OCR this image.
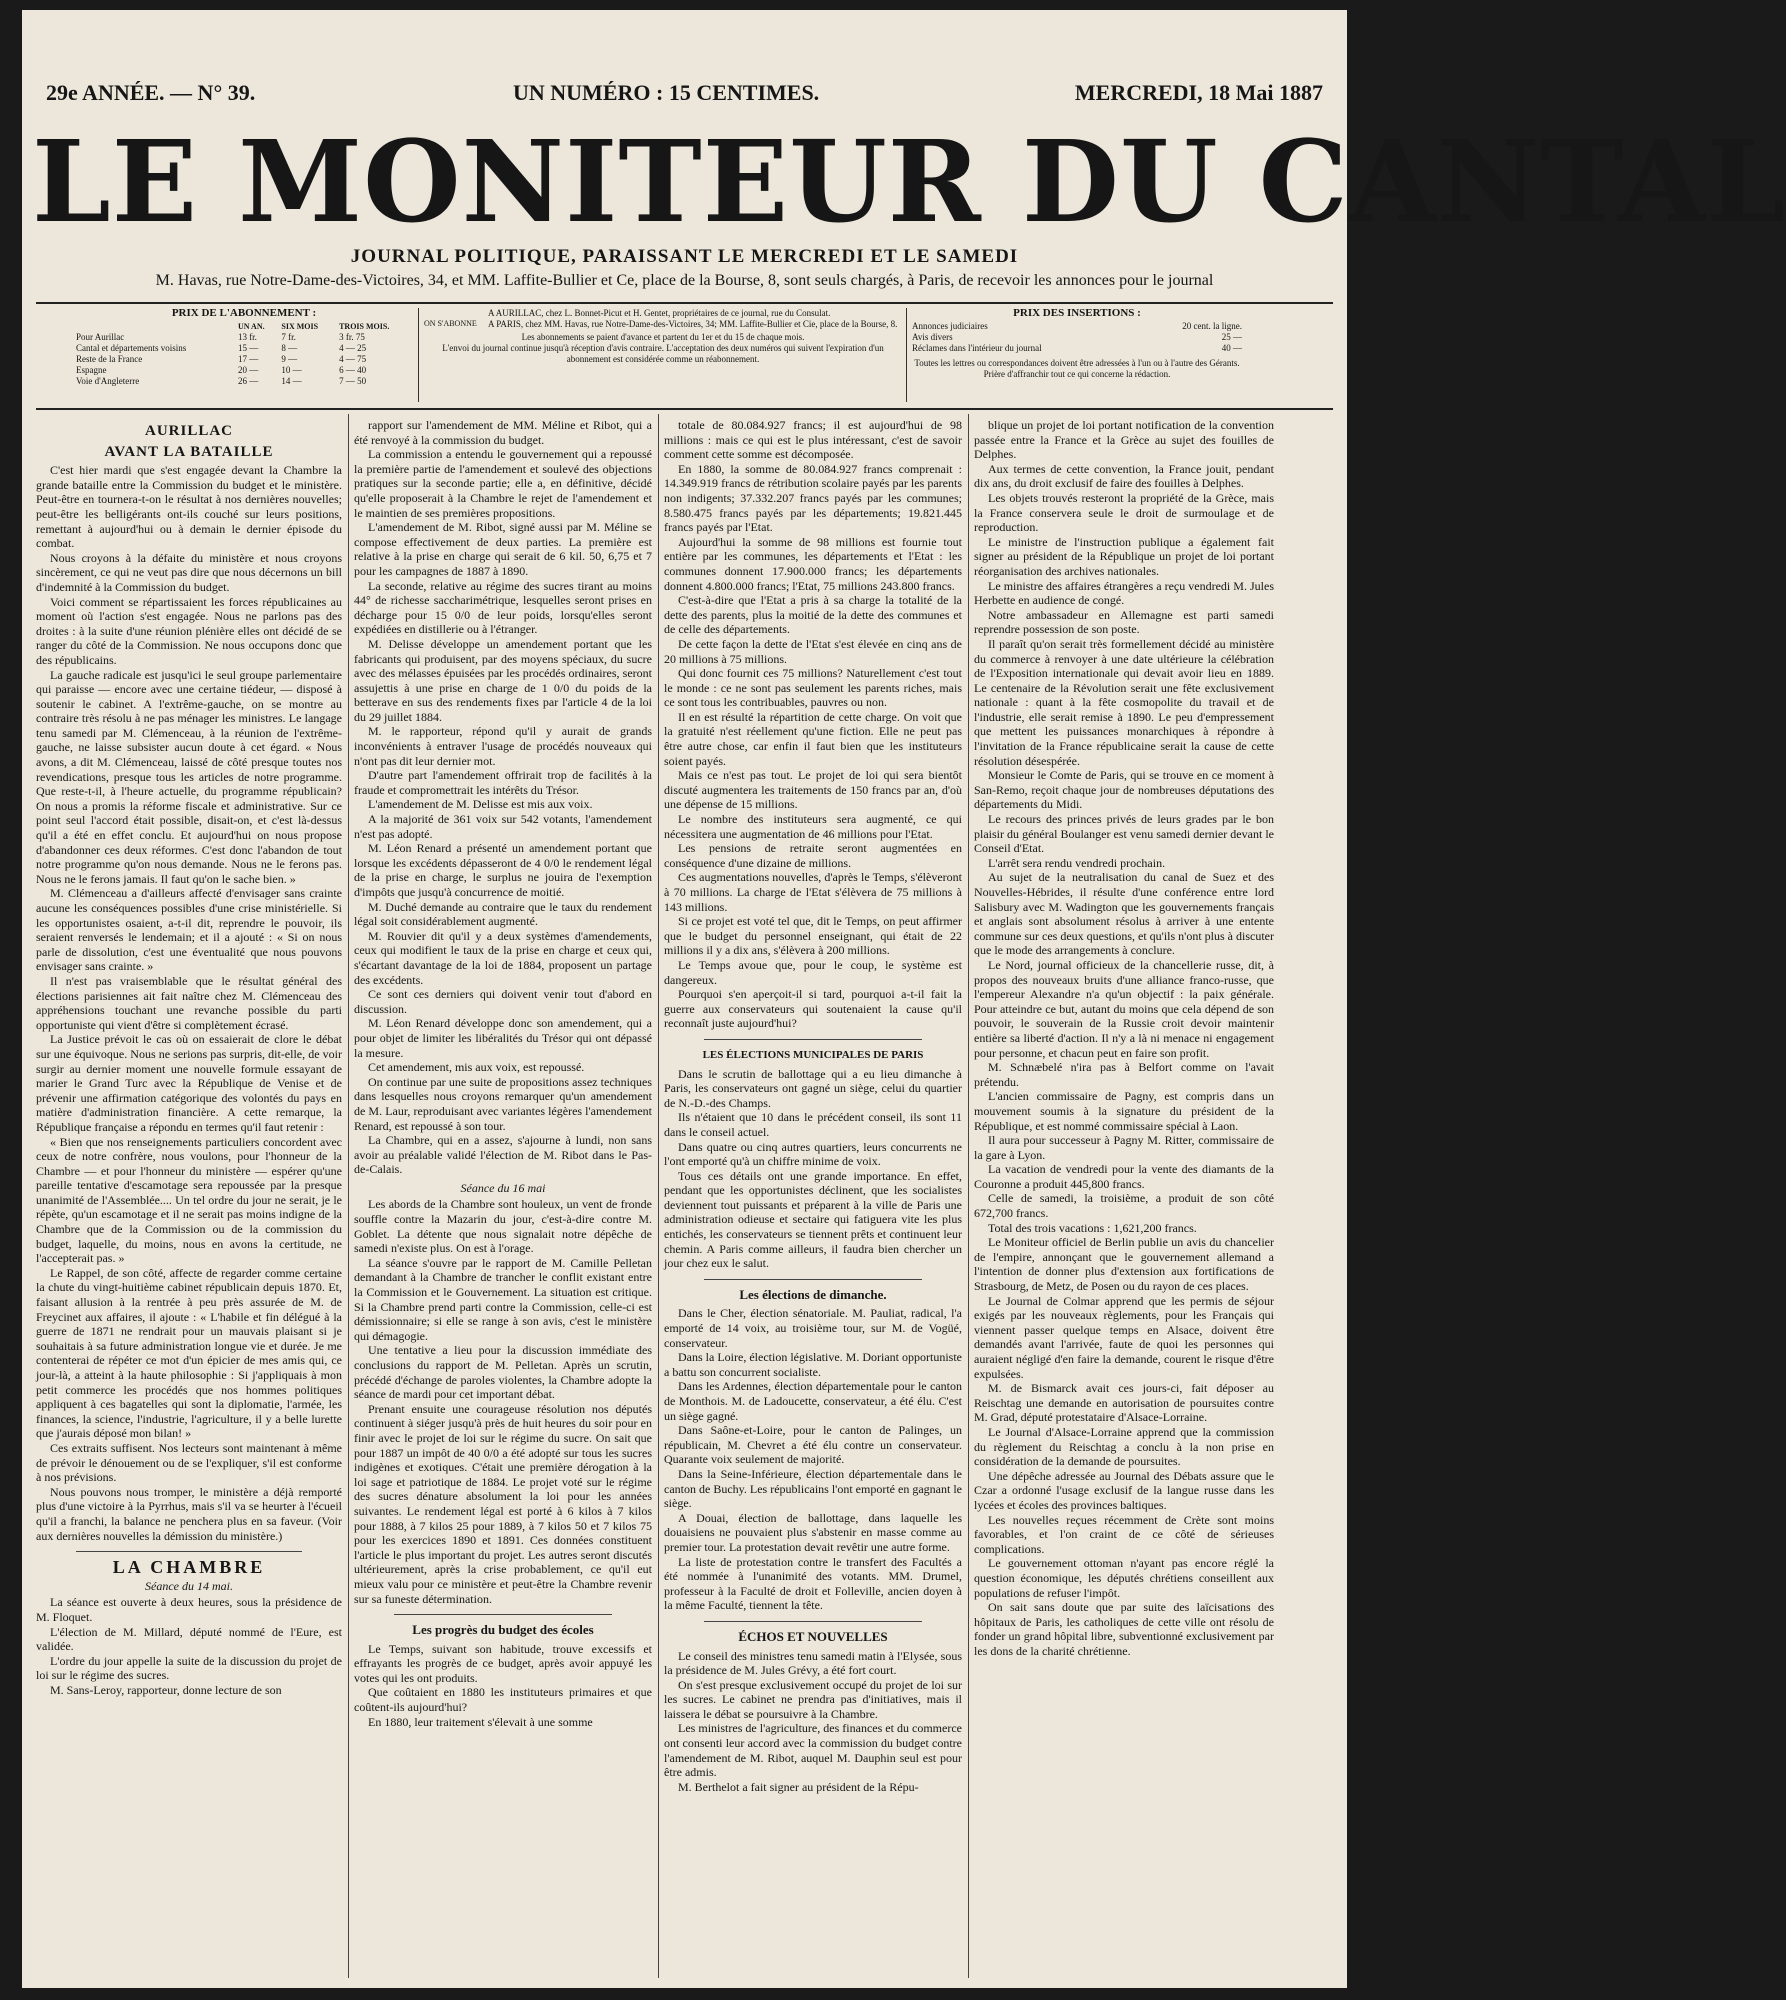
29e ANNÉE. — N° 39.	UN NUMÉRO : 15 CENTIMES.	MERCREDI, 18 Mai 1887
LE MONITEUR DU CANTAL
JOURNAL POLITIQUE, PARAISSANT LE MERCREDI ET LE SAMEDI
M. Havas, rue Notre-Dame-des-Victoires, 34, et MM. Laffite-Bullier et Ce, place de la Bourse, 8, sont seuls chargés, à Paris, de recevoir les annonces pour le journal
PRIX DE L'ABONNEMENT :
	UN AN.	SIX MOIS	TROIS MOIS.
Pour Aurillac	13 fr.	7 fr.	3 fr. 75
Cantal et départements voisins	15 —	8 —	4 — 25
Reste de la France	17 —	9 —	4 — 75
Espagne	20 —	10 —	6 — 40
Voie d'Angleterre	26 —	14 —	7 — 50
ON S'ABONNE
A AURILLAC, chez L. Bonnet-Picut et H. Gentet, propriétaires de ce journal, rue du Consulat.
A PARIS, chez MM. Havas, rue Notre-Dame-des-Victoires, 34; MM. Laffite-Bullier et Cie, place de la Bourse, 8.
Les abonnements se paient d'avance et partent du 1er et du 15 de chaque mois.
L'envoi du journal continue jusqu'à réception d'avis contraire. L'acceptation des deux numéros qui suivent l'expiration d'un abonnement est considérée comme un réabonnement.
PRIX DES INSERTIONS :
Annonces judiciaires	20 cent. la ligne.
Avis divers	25 —
Réclames dans l'intérieur du journal	40 —
Toutes les lettres ou correspondances doivent être adressées à l'un ou à l'autre des Gérants.
Prière d'affranchir tout ce qui concerne la rédaction.
AURILLAC
AVANT LA BATAILLE

C'est hier mardi que s'est engagée devant la Chambre la grande bataille entre la Commission du budget et le ministère. Peut-être en tournera-t-on le résultat à nos dernières nouvelles; peut-être les belligérants ont-ils couché sur leurs positions, remettant à aujourd'hui ou à demain le dernier épisode du combat.

Nous croyons à la défaite du ministère et nous croyons sincèrement, ce qui ne veut pas dire que nous décernons un bill d'indemnité à la Commission du budget.

Voici comment se répartissaient les forces républicaines au moment où l'action s'est engagée. Nous ne parlons pas des droites : à la suite d'une réunion plénière elles ont décidé de se ranger du côté de la Commission. Ne nous occupons donc que des républicains.

La gauche radicale est jusqu'ici le seul groupe parlementaire qui paraisse — encore avec une certaine tiédeur, — disposé à soutenir le cabinet. A l'extrême-gauche, on se montre au contraire très résolu à ne pas ménager les ministres. Le langage tenu samedi par M. Clémenceau, à la réunion de l'extrême-gauche, ne laisse subsister aucun doute à cet égard. « Nous avons, a dit M. Clémenceau, laissé de côté presque toutes nos revendications, presque tous les articles de notre programme. Que reste-t-il, à l'heure actuelle, du programme républicain? On nous a promis la réforme fiscale et administrative. Sur ce point seul l'accord était possible, disait-on, et c'est là-dessus qu'il a été en effet conclu. Et aujourd'hui on nous propose d'abandonner ces deux réformes. C'est donc l'abandon de tout notre programme qu'on nous demande. Nous ne le ferons pas. Nous ne le ferons jamais. Il faut qu'on le sache bien. »

M. Clémenceau a d'ailleurs affecté d'envisager sans crainte aucune les conséquences possibles d'une crise ministérielle. Si les opportunistes osaient, a-t-il dit, reprendre le pouvoir, ils seraient renversés le lendemain; et il a ajouté : « Si on nous parle de dissolution, c'est une éventualité que nous pouvons envisager sans crainte. »

Il n'est pas vraisemblable que le résultat général des élections parisiennes ait fait naître chez M. Clémenceau des appréhensions touchant une revanche possible du parti opportuniste qui vient d'être si complètement écrasé.

La Justice prévoit le cas où on essaierait de clore le débat sur une équivoque. Nous ne serions pas surpris, dit-elle, de voir surgir au dernier moment une nouvelle formule essayant de marier le Grand Turc avec la République de Venise et de prévenir une affirmation catégorique des volontés du pays en matière d'administration financière. A cette remarque, la République française a répondu en termes qu'il faut retenir :

« Bien que nos renseignements particuliers concordent avec ceux de notre confrère, nous voulons, pour l'honneur de la Chambre — et pour l'honneur du ministère — espérer qu'une pareille tentative d'escamotage sera repoussée par la presque unanimité de l'Assemblée.... Un tel ordre du jour ne serait, je le répète, qu'un escamotage et il ne serait pas moins indigne de la Chambre que de la Commission ou de la commission du budget, laquelle, du moins, nous en avons la certitude, ne l'accepterait pas. »

Le Rappel, de son côté, affecte de regarder comme certaine la chute du vingt-huitième cabinet républicain depuis 1870. Et, faisant allusion à la rentrée à peu près assurée de M. de Freycinet aux affaires, il ajoute : « L'habile et fin délégué à la guerre de 1871 ne rendrait pour un mauvais plaisant si je souhaitais à sa future administration longue vie et durée. Je me contenterai de répéter ce mot d'un épicier de mes amis qui, ce jour-là, a atteint à la haute philosophie : Si j'appliquais à mon petit commerce les procédés que nos hommes politiques appliquent à ces bagatelles qui sont la diplomatie, l'armée, les finances, la science, l'industrie, l'agriculture, il y a belle lurette que j'aurais déposé mon bilan! »

Ces extraits suffisent. Nos lecteurs sont maintenant à même de prévoir le dénouement ou de se l'expliquer, s'il est conforme à nos prévisions.

Nous pouvons nous tromper, le ministère a déjà remporté plus d'une victoire à la Pyrrhus, mais s'il va se heurter à l'écueil qu'il a franchi, la balance ne penchera plus en sa faveur. (Voir aux dernières nouvelles la démission du ministère.)

LA CHAMBRE
Séance du 14 mai.

La séance est ouverte à deux heures, sous la présidence de M. Floquet.

L'élection de M. Millard, député nommé de l'Eure, est validée.

L'ordre du jour appelle la suite de la discussion du projet de loi sur le régime des sucres.

M. Sans-Leroy, rapporteur, donne lecture de son

rapport sur l'amendement de MM. Méline et Ribot, qui a été renvoyé à la commission du budget.

La commission a entendu le gouvernement qui a repoussé la première partie de l'amendement et soulevé des objections pratiques sur la seconde partie; elle a, en définitive, décidé qu'elle proposerait à la Chambre le rejet de l'amendement et le maintien de ses premières propositions.

L'amendement de M. Ribot, signé aussi par M. Méline se compose effectivement de deux parties. La première est relative à la prise en charge qui serait de 6 kil. 50, 6,75 et 7 pour les campagnes de 1887 à 1890.

La seconde, relative au régime des sucres tirant au moins 44° de richesse saccharimétrique, lesquelles seront prises en décharge pour 15 0/0 de leur poids, lorsqu'elles seront expédiées en distillerie ou à l'étranger.

M. Delisse développe un amendement portant que les fabricants qui produisent, par des moyens spéciaux, du sucre avec des mélasses épuisées par les procédés ordinaires, seront assujettis à une prise en charge de 1 0/0 du poids de la betterave en sus des rendements fixes par l'article 4 de la loi du 29 juillet 1884.

M. le rapporteur, répond qu'il y aurait de grands inconvénients à entraver l'usage de procédés nouveaux qui n'ont pas dit leur dernier mot.

D'autre part l'amendement offrirait trop de facilités à la fraude et compromettrait les intérêts du Trésor.

L'amendement de M. Delisse est mis aux voix.

A la majorité de 361 voix sur 542 votants, l'amendement n'est pas adopté.

M. Léon Renard a présenté un amendement portant que lorsque les excédents dépasseront de 4 0/0 le rendement légal de la prise en charge, le surplus ne jouira de l'exemption d'impôts que jusqu'à concurrence de moitié.

M. Duché demande au contraire que le taux du rendement légal soit considérablement augmenté.

M. Rouvier dit qu'il y a deux systèmes d'amendements, ceux qui modifient le taux de la prise en charge et ceux qui, s'écartant davantage de la loi de 1884, proposent un partage des excédents.

Ce sont ces derniers qui doivent venir tout d'abord en discussion.

M. Léon Renard développe donc son amendement, qui a pour objet de limiter les libéralités du Trésor qui ont dépassé la mesure.

Cet amendement, mis aux voix, est repoussé.

On continue par une suite de propositions assez techniques dans lesquelles nous croyons remarquer qu'un amendement de M. Laur, reproduisant avec variantes légères l'amendement Renard, est repoussé à son tour.

La Chambre, qui en a assez, s'ajourne à lundi, non sans avoir au préalable validé l'élection de M. Ribot dans le Pas-de-Calais.

Séance du 16 mai

Les abords de la Chambre sont houleux, un vent de fronde souffle contre la Mazarin du jour, c'est-à-dire contre M. Goblet. La détente que nous signalait notre dépêche de samedi n'existe plus. On est à l'orage.

La séance s'ouvre par le rapport de M. Camille Pelletan demandant à la Chambre de trancher le conflit existant entre la Commission et le Gouvernement. La situation est critique. Si la Chambre prend parti contre la Commission, celle-ci est démissionnaire; si elle se range à son avis, c'est le ministère qui démagogie.

Une tentative a lieu pour la discussion immédiate des conclusions du rapport de M. Pelletan. Après un scrutin, précédé d'échange de paroles violentes, la Chambre adopte la séance de mardi pour cet important débat.

Prenant ensuite une courageuse résolution nos députés continuent à siéger jusqu'à près de huit heures du soir pour en finir avec le projet de loi sur le régime du sucre. On sait que pour 1887 un impôt de 40 0/0 a été adopté sur tous les sucres indigènes et exotiques. C'était une première dérogation à la loi sage et patriotique de 1884. Le projet voté sur le régime des sucres dénature absolument la loi pour les années suivantes. Le rendement légal est porté à 6 kilos à 7 kilos pour 1888, à 7 kilos 25 pour 1889, à 7 kilos 50 et 7 kilos 75 pour les exercices 1890 et 1891. Ces données constituent l'article le plus important du projet. Les autres seront discutés ultérieurement, après la crise probablement, ce qu'il eut mieux valu pour ce ministère et peut-être la Chambre revenir sur sa funeste détermination.

Les progrès du budget des écoles

Le Temps, suivant son habitude, trouve excessifs et effrayants les progrès de ce budget, après avoir appuyé les votes qui les ont produits.

Que coûtaient en 1880 les instituteurs primaires et que coûtent-ils aujourd'hui?

En 1880, leur traitement s'élevait à une somme

totale de 80.084.927 francs; il est aujourd'hui de 98 millions : mais ce qui est le plus intéressant, c'est de savoir comment cette somme est décomposée.

En 1880, la somme de 80.084.927 francs comprenait : 14.349.919 francs de rétribution scolaire payés par les parents non indigents; 37.332.207 francs payés par les communes; 8.580.475 francs payés par les départements; 19.821.445 francs payés par l'Etat.

Aujourd'hui la somme de 98 millions est fournie tout entière par les communes, les départements et l'Etat : les communes donnent 17.900.000 francs; les départements donnent 4.800.000 francs; l'Etat, 75 millions 243.800 francs.

C'est-à-dire que l'Etat a pris à sa charge la totalité de la dette des parents, plus la moitié de la dette des communes et de celle des départements.

De cette façon la dette de l'Etat s'est élevée en cinq ans de 20 millions à 75 millions.

Qui donc fournit ces 75 millions? Naturellement c'est tout le monde : ce ne sont pas seulement les parents riches, mais ce sont tous les contribuables, pauvres ou non.

Il en est résulté la répartition de cette charge. On voit que la gratuité n'est réellement qu'une fiction. Elle ne peut pas être autre chose, car enfin il faut bien que les instituteurs soient payés.

Mais ce n'est pas tout. Le projet de loi qui sera bientôt discuté augmentera les traitements de 150 francs par an, d'où une dépense de 15 millions.

Le nombre des instituteurs sera augmenté, ce qui nécessitera une augmentation de 46 millions pour l'Etat.

Les pensions de retraite seront augmentées en conséquence d'une dizaine de millions.

Ces augmentations nouvelles, d'après le Temps, s'élèveront à 70 millions. La charge de l'Etat s'élèvera de 75 millions à 143 millions.

Si ce projet est voté tel que, dit le Temps, on peut affirmer que le budget du personnel enseignant, qui était de 22 millions il y a dix ans, s'élèvera à 200 millions.

Le Temps avoue que, pour le coup, le système est dangereux.

Pourquoi s'en aperçoit-il si tard, pourquoi a-t-il fait la guerre aux conservateurs qui soutenaient la cause qu'il reconnaît juste aujourd'hui?

LES ÉLECTIONS MUNICIPALES DE PARIS

Dans le scrutin de ballottage qui a eu lieu dimanche à Paris, les conservateurs ont gagné un siège, celui du quartier de N.-D.-des Champs.

Ils n'étaient que 10 dans le précédent conseil, ils sont 11 dans le conseil actuel.

Dans quatre ou cinq autres quartiers, leurs concurrents ne l'ont emporté qu'à un chiffre minime de voix.

Tous ces détails ont une grande importance. En effet, pendant que les opportunistes déclinent, que les socialistes deviennent tout puissants et préparent à la ville de Paris une administration odieuse et sectaire qui fatiguera vite les plus entichés, les conservateurs se tiennent prêts et continuent leur chemin. A Paris comme ailleurs, il faudra bien chercher un jour chez eux le salut.

Les élections de dimanche.

Dans le Cher, élection sénatoriale. M. Pauliat, radical, l'a emporté de 14 voix, au troisième tour, sur M. de Vogüé, conservateur.

Dans la Loire, élection législative. M. Doriant opportuniste a battu son concurrent socialiste.

Dans les Ardennes, élection départementale pour le canton de Monthois. M. de Ladoucette, conservateur, a été élu. C'est un siège gagné.

Dans Saône-et-Loire, pour le canton de Palinges, un républicain, M. Chevret a été élu contre un conservateur. Quarante voix seulement de majorité.

Dans la Seine-Inférieure, élection départementale dans le canton de Buchy. Les républicains l'ont emporté en gagnant le siège.

A Douai, élection de ballottage, dans laquelle les douaisiens ne pouvaient plus s'abstenir en masse comme au premier tour. La protestation devait revêtir une autre forme.

La liste de protestation contre le transfert des Facultés a été nommée à l'unanimité des votants. MM. Drumel, professeur à la Faculté de droit et Folleville, ancien doyen à la même Faculté, tiennent la tête.

ÉCHOS ET NOUVELLES

Le conseil des ministres tenu samedi matin à l'Elysée, sous la présidence de M. Jules Grévy, a été fort court.

On s'est presque exclusivement occupé du projet de loi sur les sucres. Le cabinet ne prendra pas d'initiatives, mais il laissera le débat se poursuivre à la Chambre.

Les ministres de l'agriculture, des finances et du commerce ont consenti leur accord avec la commission du budget contre l'amendement de M. Ribot, auquel M. Dauphin seul est pour être admis.

M. Berthelot a fait signer au président de la Répu-

blique un projet de loi portant notification de la convention passée entre la France et la Grèce au sujet des fouilles de Delphes.

Aux termes de cette convention, la France jouit, pendant dix ans, du droit exclusif de faire des fouilles à Delphes.

Les objets trouvés resteront la propriété de la Grèce, mais la France conservera seule le droit de surmoulage et de reproduction.

Le ministre de l'instruction publique a également fait signer au président de la République un projet de loi portant réorganisation des archives nationales.

Le ministre des affaires étrangères a reçu vendredi M. Jules Herbette en audience de congé.

Notre ambassadeur en Allemagne est parti samedi reprendre possession de son poste.

Il paraît qu'on serait très formellement décidé au ministère du commerce à renvoyer à une date ultérieure la célébration de l'Exposition internationale qui devait avoir lieu en 1889. Le centenaire de la Révolution serait une fête exclusivement nationale : quant à la fête cosmopolite du travail et de l'industrie, elle serait remise à 1890. Le peu d'empressement que mettent les puissances monarchiques à répondre à l'invitation de la France républicaine serait la cause de cette résolution désespérée.

Monsieur le Comte de Paris, qui se trouve en ce moment à San-Remo, reçoit chaque jour de nombreuses députations des départements du Midi.

Le recours des princes privés de leurs grades par le bon plaisir du général Boulanger est venu samedi dernier devant le Conseil d'Etat.

L'arrêt sera rendu vendredi prochain.

Au sujet de la neutralisation du canal de Suez et des Nouvelles-Hébrides, il résulte d'une conférence entre lord Salisbury avec M. Wadington que les gouvernements français et anglais sont absolument résolus à arriver à une entente commune sur ces deux questions, et qu'ils n'ont plus à discuter que le mode des arrangements à conclure.

Le Nord, journal officieux de la chancellerie russe, dit, à propos des nouveaux bruits d'une alliance franco-russe, que l'empereur Alexandre n'a qu'un objectif : la paix générale. Pour atteindre ce but, autant du moins que cela dépend de son pouvoir, le souverain de la Russie croit devoir maintenir entière sa liberté d'action. Il n'y a là ni menace ni engagement pour personne, et chacun peut en faire son profit.

M. Schnæbelé n'ira pas à Belfort comme on l'avait prétendu.

L'ancien commissaire de Pagny, est compris dans un mouvement soumis à la signature du président de la République, et est nommé commissaire spécial à Laon.

Il aura pour successeur à Pagny M. Ritter, commissaire de la gare à Lyon.

La vacation de vendredi pour la vente des diamants de la Couronne a produit 445,800 francs.

Celle de samedi, la troisième, a produit de son côté 672,700 francs.

Total des trois vacations : 1,621,200 francs.

Le Moniteur officiel de Berlin publie un avis du chancelier de l'empire, annonçant que le gouvernement allemand a l'intention de donner plus d'extension aux fortifications de Strasbourg, de Metz, de Posen ou du rayon de ces places.

Le Journal de Colmar apprend que les permis de séjour exigés par les nouveaux règlements, pour les Français qui viennent passer quelque temps en Alsace, doivent être demandés avant l'arrivée, faute de quoi les personnes qui auraient négligé d'en faire la demande, courent le risque d'être expulsées.

M. de Bismarck avait ces jours-ci, fait déposer au Reischtag une demande en autorisation de poursuites contre M. Grad, député protestataire d'Alsace-Lorraine.

Le Journal d'Alsace-Lorraine apprend que la commission du règlement du Reischtag a conclu à la non prise en considération de la demande de poursuites.

Une dépêche adressée au Journal des Débats assure que le Czar a ordonné l'usage exclusif de la langue russe dans les lycées et écoles des provinces baltiques.

Les nouvelles reçues récemment de Crète sont moins favorables, et l'on craint de ce côté de sérieuses complications.

Le gouvernement ottoman n'ayant pas encore réglé la question économique, les députés chrétiens conseillent aux populations de refuser l'impôt.

On sait sans doute que par suite des laïcisations des hôpitaux de Paris, les catholiques de cette ville ont résolu de fonder un grand hôpital libre, subventionné exclusivement par les dons de la charité chrétienne.
